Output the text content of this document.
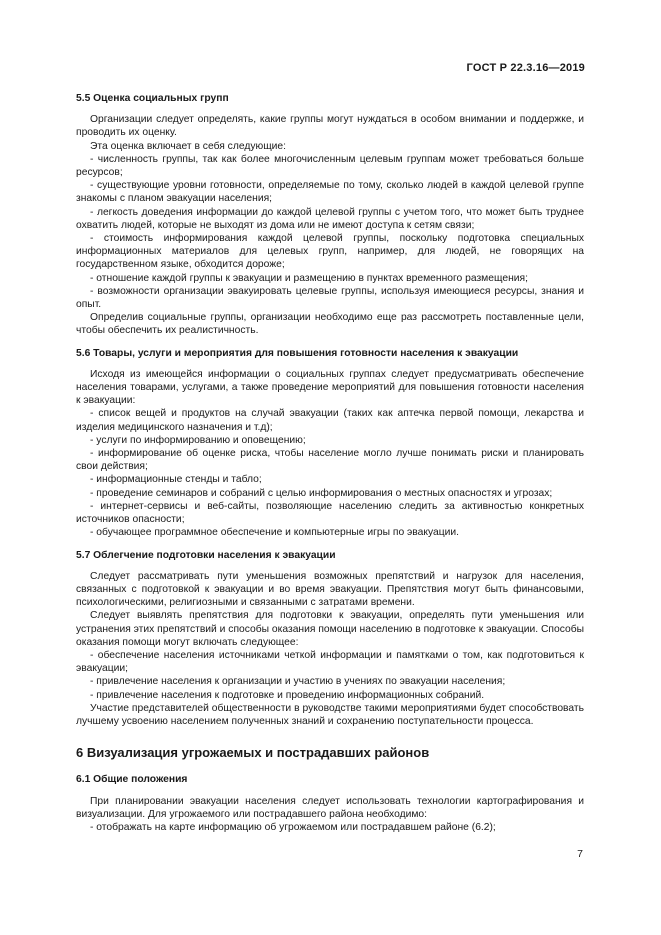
ГОСТ Р 22.3.16—2019
5.5 Оценка социальных групп

Организации следует определять, какие группы могут нуждаться в особом внимании и поддержке, и проводить их оценку.

Эта оценка включает в себя следующие:

- численность группы, так как более многочисленным целевым группам может требоваться больше ресурсов;

- существующие уровни готовности, определяемые по тому, сколько людей в каждой целевой группе знакомы с планом эвакуации населения;

- легкость доведения информации до каждой целевой группы с учетом того, что может быть труднее охватить людей, которые не выходят из дома или не имеют доступа к сетям связи;

- стоимость информирования каждой целевой группы, поскольку подготовка специальных информационных материалов для целевых групп, например, для людей, не говорящих на государственном языке, обходится дороже;

- отношение каждой группы к эвакуации и размещению в пунктах временного размещения;

- возможности организации эвакуировать целевые группы, используя имеющиеся ресурсы, знания и опыт.

Определив социальные группы, организации необходимо еще раз рассмотреть поставленные цели, чтобы обеспечить их реалистичность.

5.6 Товары, услуги и мероприятия для повышения готовности населения к эвакуации

Исходя из имеющейся информации о социальных группах следует предусматривать обеспечение населения товарами, услугами, а также проведение мероприятий для повышения готовности населения к эвакуации:

- список вещей и продуктов на случай эвакуации (таких как аптечка первой помощи, лекарства и изделия медицинского назначения и т.д);

- услуги по информированию и оповещению;

- информирование об оценке риска, чтобы население могло лучше понимать риски и планировать свои действия;

- информационные стенды и табло;

- проведение семинаров и собраний с целью информирования о местных опасностях и угрозах;

- интернет-сервисы и веб-сайты, позволяющие населению следить за активностью конкретных источников опасности;

- обучающее программное обеспечение и компьютерные игры по эвакуации.

5.7 Облегчение подготовки населения к эвакуации

Следует рассматривать пути уменьшения возможных препятствий и нагрузок для населения, связанных с подготовкой к эвакуации и во время эвакуации. Препятствия могут быть финансовыми, психологическими, религиозными и связанными с затратами времени.

Следует выявлять препятствия для подготовки к эвакуации, определять пути уменьшения или устранения этих препятствий и способы оказания помощи населению в подготовке к эвакуации. Способы оказания помощи могут включать следующее:

- обеспечение населения источниками четкой информации и памятками о том, как подготовиться к эвакуации;

- привлечение населения к организации и участию в учениях по эвакуации населения;

- привлечение населения к подготовке и проведению информационных собраний.

Участие представителей общественности в руководстве такими мероприятиями будет способствовать лучшему усвоению населением полученных знаний и сохранению поступательности процесса.

6 Визуализация угрожаемых и пострадавших районов
6.1 Общие положения

При планировании эвакуации населения следует использовать технологии картографирования и визуализации. Для угрожаемого или пострадавшего района необходимо:

- отображать на карте информацию об угрожаемом или пострадавшем районе (6.2);

7
